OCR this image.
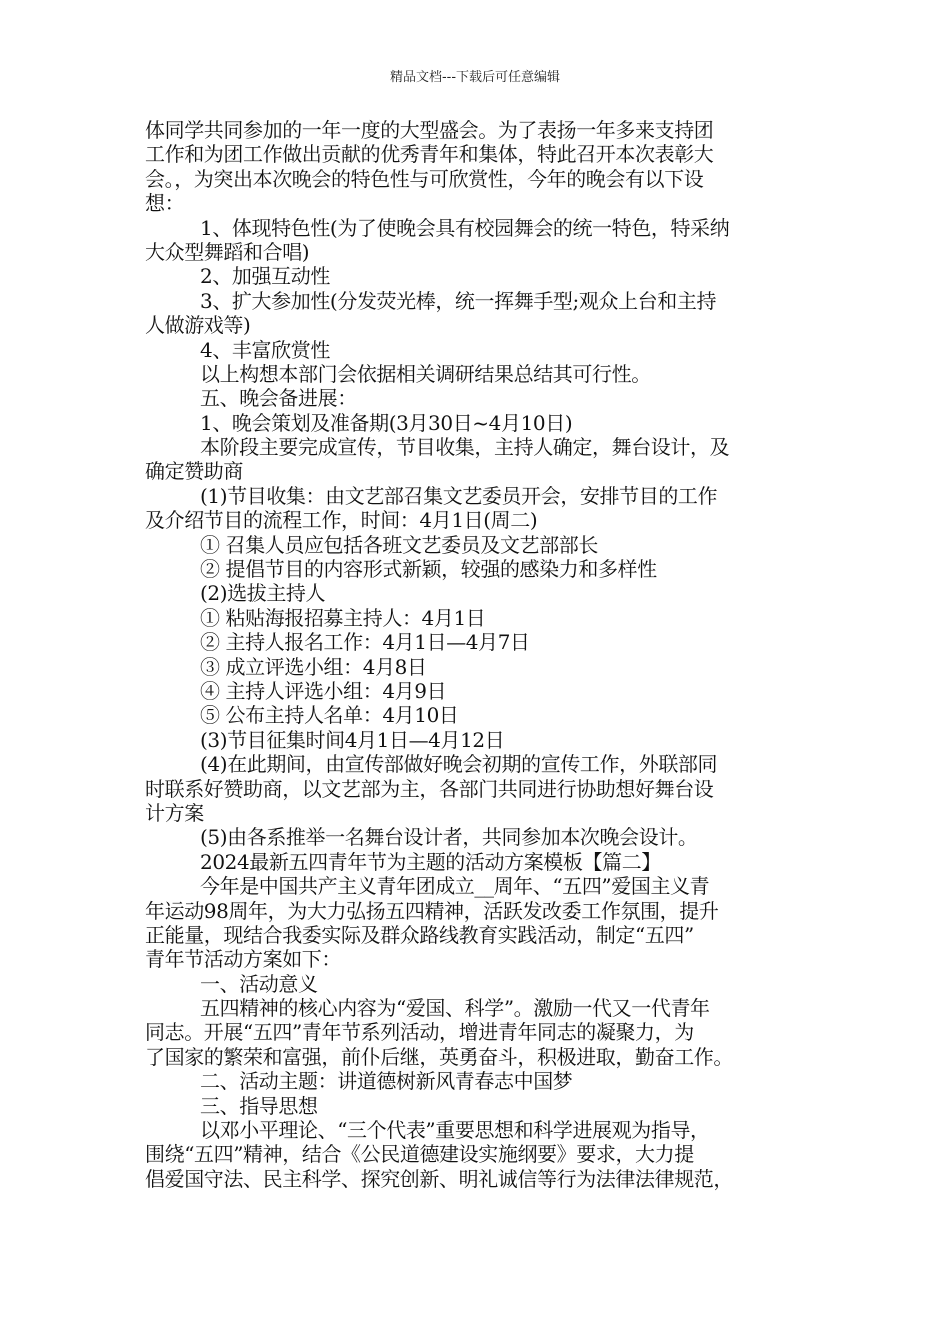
精品文档---下载后可任意编辑
体同学共同参加的一年一度的大型盛会。为了表扬一年多来支持团
工作和为团工作做出贡献的优秀青年和集体，特此召开本次表彰大
会。，为突出本次晚会的特色性与可欣赏性，今年的晚会有以下设
想：
1、体现特色性(为了使晚会具有校园舞会的统一特色，特采纳
大众型舞蹈和合唱)
2、加强互动性
3、扩大参加性(分发荧光棒，统一挥舞手型;观众上台和主持
人做游戏等)
4、丰富欣赏性
以上构想本部门会依据相关调研结果总结其可行性。
五、晚会备进展：
1、晚会策划及准备期(3月30日~4月10日)
本阶段主要完成宣传，节目收集，主持人确定，舞台设计，及
确定赞助商
(1)节目收集：由文艺部召集文艺委员开会，安排节目的工作
及介绍节目的流程工作，时间：4月1日(周二)
① 召集人员应包括各班文艺委员及文艺部部长
② 提倡节目的内容形式新颖，较强的感染力和多样性
(2)选拔主持人
① 粘贴海报招募主持人：4月1日
② 主持人报名工作：4月1日—4月7日
③ 成立评选小组：4月8日
④ 主持人评选小组：4月9日
⑤ 公布主持人名单：4月10日
(3)节目征集时间4月1日—4月12日
(4)在此期间，由宣传部做好晚会初期的宣传工作，外联部同
时联系好赞助商，以文艺部为主，各部门共同进行协助想好舞台设
计方案
(5)由各系推举一名舞台设计者，共同参加本次晚会设计。
2024最新五四青年节为主题的活动方案模板【篇二】
今年是中国共产主义青年团成立__周年、“五四”爱国主义青
年运动98周年，为大力弘扬五四精神，活跃发改委工作氛围，提升
正能量，现结合我委实际及群众路线教育实践活动，制定“五四”
青年节活动方案如下：
一、活动意义
五四精神的核心内容为“爱国、科学”。激励一代又一代青年
同志。开展“五四”青年节系列活动，增进青年同志的凝聚力，为
了国家的繁荣和富强，前仆后继，英勇奋斗，积极进取，勤奋工作。
二、活动主题：讲道德树新风青春志中国梦
三、指导思想
以邓小平理论、“三个代表”重要思想和科学进展观为指导，
围绕“五四”精神，结合《公民道德建设实施纲要》要求，大力提
倡爱国守法、民主科学、探究创新、明礼诚信等行为法律法律规范，
